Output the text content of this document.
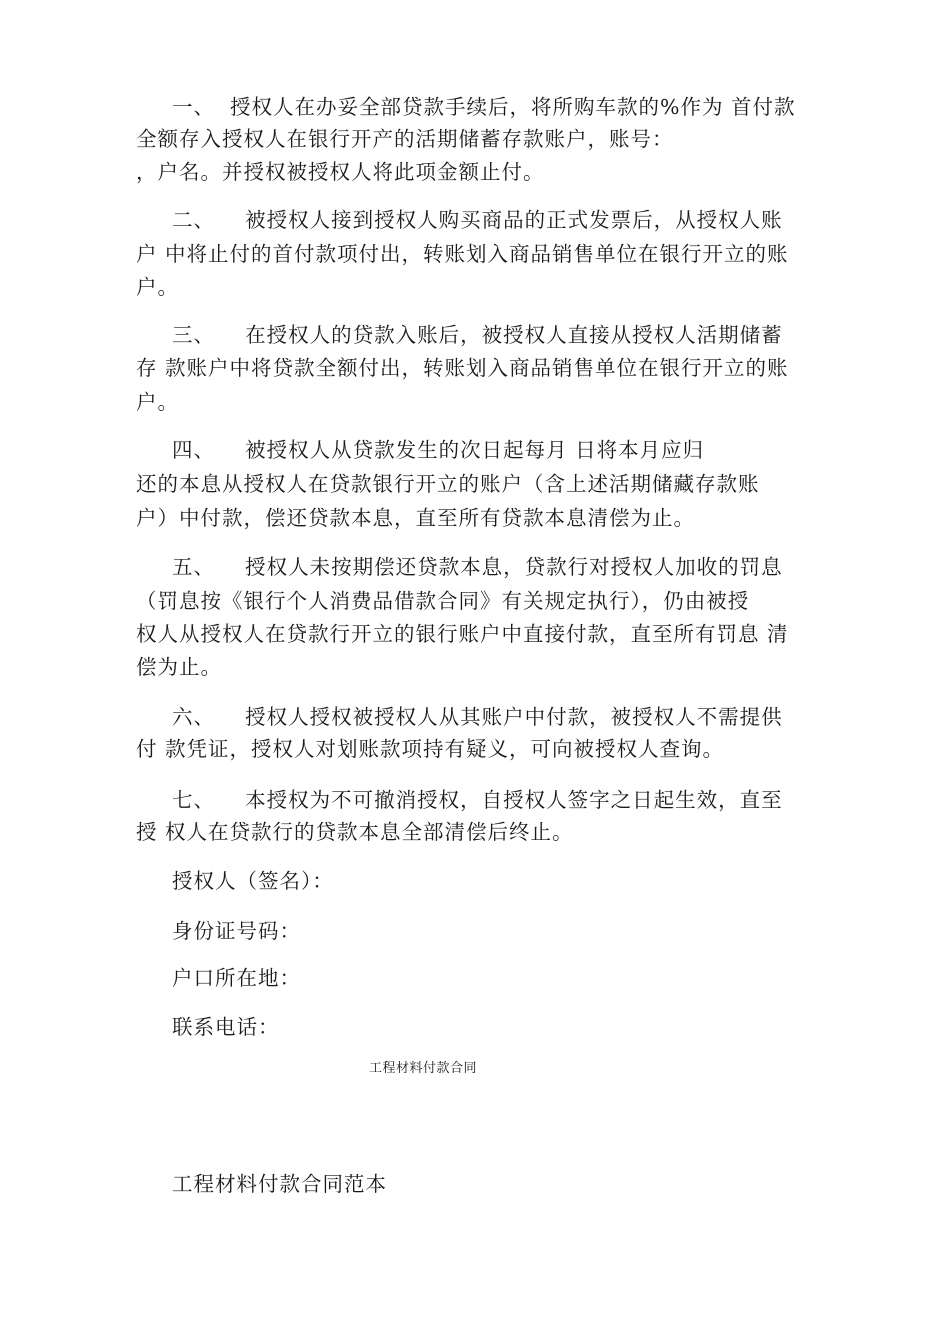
一、  授权人在办妥全部贷款手续后，将所购车款的%作为 首付款
全额存入授权人在银行开产的活期储蓄存款账户，账号：
，户名。并授权被授权人将此项金额止付。
二、    被授权人接到授权人购买商品的正式发票后，从授权人账
户 中将止付的首付款项付出，转账划入商品销售单位在银行开立的账
户。
三、    在授权人的贷款入账后，被授权人直接从授权人活期储蓄
存 款账户中将贷款全额付出，转账划入商品销售单位在银行开立的账
户。
四、    被授权人从贷款发生的次日起每月 日将本月应归
还的本息从授权人在贷款银行开立的账户（含上述活期储藏存款账
户）中付款，偿还贷款本息，直至所有贷款本息清偿为止。
五、    授权人未按期偿还贷款本息，贷款行对授权人加收的罚息
（罚息按《银行个人消费品借款合同》有关规定执行），仍由被授
权人从授权人在贷款行开立的银行账户中直接付款，直至所有罚息 清
偿为止。
六、    授权人授权被授权人从其账户中付款，被授权人不需提供
付 款凭证，授权人对划账款项持有疑义，可向被授权人查询。
七、    本授权为不可撤消授权，自授权人签字之日起生效，直至
授 权人在贷款行的贷款本息全部清偿后终止。
授权人（签名）：
身份证号码：
户口所在地：
联系电话：
工程材料付款合同
工程材料付款合同范本
